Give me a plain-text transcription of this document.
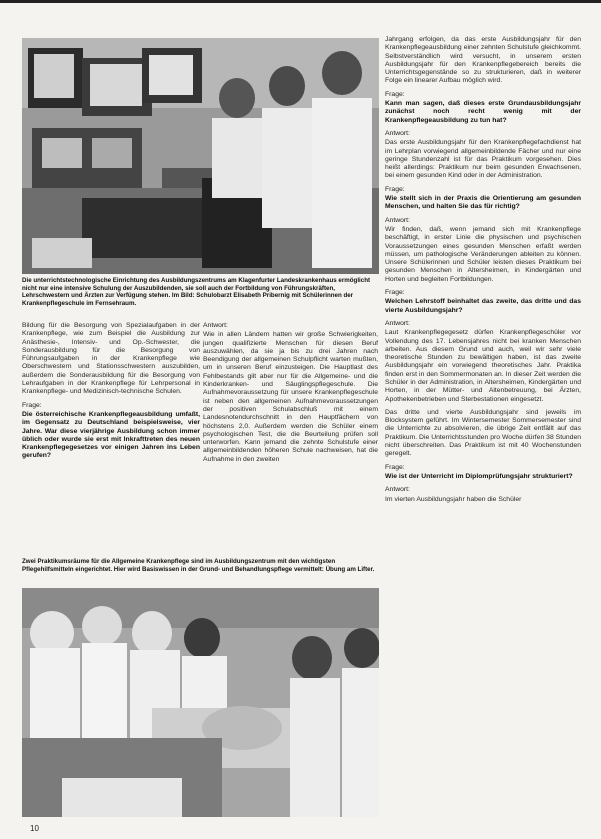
Die unterrichtstechnologische Einrichtung des Ausbildungszentrums am Klagenfurter Landeskrankenhaus ermöglicht nicht nur eine intensive Schulung der Auszubildenden, sie soll auch der Fortbildung von Führungskräften, Lehrschwestern und Ärzten zur Verfügung stehen. Im Bild: Schulobarzt Elisabeth Pribernig mit Schülerinnen der Krankenpflegeschule im Fernsehraum.

Bildung für die Besorgung von Spezialaufgaben in der Krankenpflege, wie zum Beispiel die Ausbildung zur Anästhesie-, Intensiv- und Op.-Schwester, die Sonderausbildung für die Besorgung von Führungsaufgaben in der Krankenpflege wie Oberschwestern und Stationsschwestern auszubilden, außerdem die Sonderausbildung für die Besorgung von Lehraufgaben in der Krankenpflege für Lehrpersonal in Krankenpflege- und Medizinisch-technische Schulen.

Frage:

Die österreichische Krankenpflegeausbildung umfaßt, im Gegensatz zu Deutschland beispielsweise, vier Jahre. War diese vierjährige Ausbildung schon immer üblich oder wurde sie erst mit Inkrafttreten des neuen Krankenpflegegesetzes vor einigen Jahren ins Leben gerufen?

Antwort:

Wie in allen Ländern hatten wir große Schwierigkeiten, jungen qualifizierte Menschen für diesen Beruf auszuwählen, da sie ja bis zu drei Jahren nach Beendigung der allgemeinen Schulpflicht warten mußten, um in unseren Beruf einzusteigen. Die Hauptlast des Fehlbestands gilt aber nur für die Allgemeine- und die Kinderkranken- und Säuglingspflegeschule. Die Aufnahmevoraussetzung für unsere Krankenpflegeschule ist neben den allgemeinen Aufnahmevoraussetzungen der positiven Schulabschluß mit einem Landesnotendurchschnitt in den Hauptfächern von höchstens 2,0. Außerdem werden die Schüler einem psychologischen Test, die die Beurteilung prüfen soll unterworfen. Kann jemand die zehnte Schulstufe einer allgemeinbildenden höheren Schule nachweisen, hat die Aufnahme in den zweiten

Zwei Praktikumsräume für die Allgemeine Krankenpflege sind im Ausbildungszentrum mit den wichtigsten Pflegehilfsmitteln eingerichtet. Hier wird Basiswissen in der Grund- und Behandlungspflege vermittelt: Übung am Lifter.

Jahrgang erfolgen, da das erste Ausbildungsjahr für den Krankenpflegeausbildung einer zehnten Schulstufe gleichkommt. Selbstverständlich wird versucht, in unserem ersten Ausbildungsjahr für den Krankenpflegebereich bereits die Unterrichtsgegenstände so zu strukturieren, daß in weiterer Folge ein linearer Aufbau möglich wird.

Frage:

Kann man sagen, daß dieses erste Grundausbildungsjahr zunächst noch recht wenig mit der Krankenpflegeausbildung zu tun hat?

Antwort:

Das erste Ausbildungsjahr für den Krankenpflegefachdienst hat im Lehrplan vorwiegend allgemeinbildende Fächer und nur eine geringe Stundenzahl ist für das Praktikum vorgesehen. Dies heißt allerdings: Praktikum nur beim gesunden Erwachsenen, bei einem gesunden Kind oder in der Administration.

Frage:

Wie stellt sich in der Praxis die Orientierung am gesunden Menschen, und halten Sie das für richtig?

Antwort:

Wir finden, daß, wenn jemand sich mit Krankenpflege beschäftigt, in erster Linie die physischen und psychischen Voraussetzungen eines gesunden Menschen erfaßt werden müssen, um pathologische Veränderungen ableiten zu können. Unsere Schülerinnen und Schüler leisten dieses Praktikum bei gesunden Menschen in Altersheimen, in Kindergärten und Horten und begleiten Fortbildungen.

Frage:

Welchen Lehrstoff beinhaltet das zweite, das dritte und das vierte Ausbildungsjahr?

Antwort:

Laut Krankenpflegegesetz dürfen Krankenpflegeschüler vor Vollendung des 17. Lebensjahres nicht bei kranken Menschen arbeiten. Aus diesem Grund und auch, weil wir sehr viele theoretische Stunden zu bewältigen haben, ist das zweite Ausbildungsjahr ein vorwiegend theoretisches Jahr. Praktika finden erst in den Sommermonaten an. In dieser Zeit werden die Schüler in der Administration, in Altersheimen, Kindergärten und Horten, in der Mütter- und Altenbetreuung, bei Ärzten, Apothekenbetrieben und Sterbestationen eingesetzt.

Das dritte und vierte Ausbildungsjahr sind jeweils im Blocksystem geführt. Im Wintersemester Sommersemester sind die Unterrichte zu absolvieren, die übrige Zeit entfällt auf das Praktikum. Die Unterrichtsstunden pro Woche dürfen 38 Stunden nicht überschreiten. Das Praktikum ist mit 40 Wochenstunden geregelt.

Frage:

Wie ist der Unterricht im Diplomprüfungsjahr strukturiert?

Antwort:

Im vierten Ausbildungsjahr haben die Schüler

10
